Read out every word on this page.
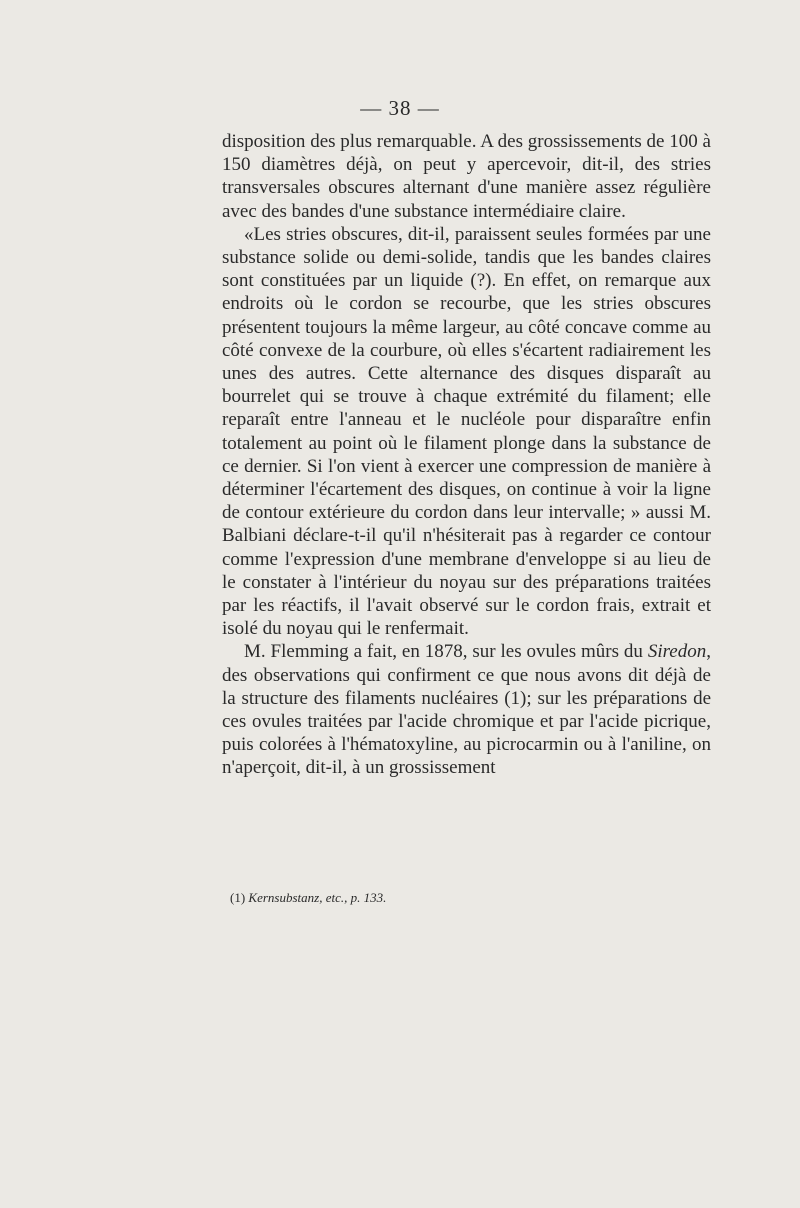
— 38 —

disposition des plus remarquable. A des grossissements de 100 à 150 diamètres déjà, on peut y apercevoir, dit-il, des stries transversales obscures alternant d'une manière assez régulière avec des bandes d'une substance intermédiaire claire.

«Les stries obscures, dit-il, paraissent seules formées par une substance solide ou demi-solide, tandis que les bandes claires sont constituées par un liquide (?). En effet, on remarque aux endroits où le cordon se recourbe, que les stries obscures présentent toujours la même largeur, au côté concave comme au côté convexe de la courbure, où elles s'écartent radiairement les unes des autres. Cette alternance des disques disparaît au bourrelet qui se trouve à chaque extrémité du filament; elle reparaît entre l'anneau et le nucléole pour disparaître enfin totalement au point où le filament plonge dans la substance de ce dernier. Si l'on vient à exercer une compression de manière à déterminer l'écartement des disques, on continue à voir la ligne de contour extérieure du cordon dans leur intervalle; » aussi M. Balbiani déclare-t-il qu'il n'hésiterait pas à regarder ce contour comme l'expression d'une membrane d'enveloppe si au lieu de le constater à l'intérieur du noyau sur des préparations traitées par les réactifs, il l'avait observé sur le cordon frais, extrait et isolé du noyau qui le renfermait.

M. Flemming a fait, en 1878, sur les ovules mûrs du Siredon, des observations qui confirment ce que nous avons dit déjà de la structure des filaments nucléaires (1); sur les préparations de ces ovules traitées par l'acide chromique et par l'acide picrique, puis colorées à l'hématoxyline, au picrocarmin ou à l'aniline, on n'aperçoit, dit-il, à un grossissement

(1) Kernsubstanz, etc., p. 133.
